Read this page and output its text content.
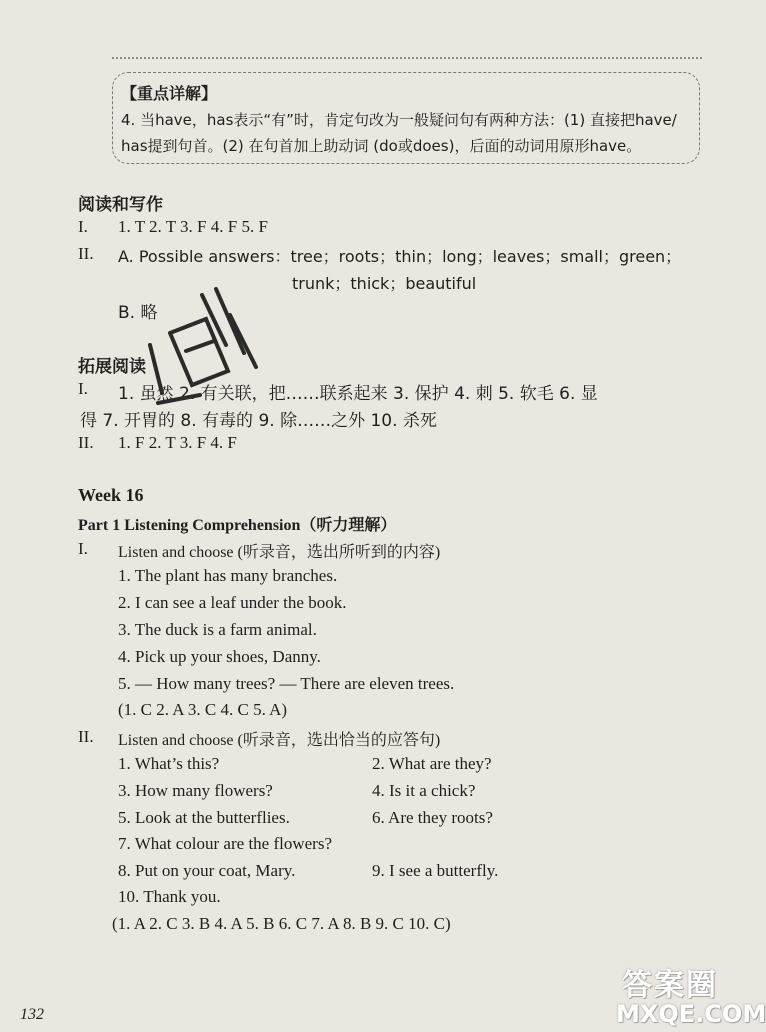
【重点详解】
4. 当have，has表示“有”时，肯定句改为一般疑问句有两种方法：(1) 直接把have/
has提到句首。(2) 在句首加上助动词 (do或does)，后面的动词用原形have。
阅读和写作
I. 1. T 2. T 3. F 4. F 5. F
II. A. Possible answers：tree；roots；thin；long；leaves；small；green；
trunk；thick；beautiful
B. 略
拓展阅读
I. 1. 虽然 2. 有关联，把……联系起来 3. 保护 4. 刺 5. 软毛 6. 显
得 7. 开胃的 8. 有毒的 9. 除……之外 10. 杀死
II. 1. F 2. T 3. F 4. F
Week 16
Part 1 Listening Comprehension（听力理解）
I. Listen and choose (听录音，选出所听到的内容)
1. The plant has many branches.
2. I can see a leaf under the book.
3. The duck is a farm animal.
4. Pick up your shoes, Danny.
5. — How many trees? — There are eleven trees.
(1. C 2. A 3. C 4. C 5. A)
II. Listen and choose (听录音，选出恰当的应答句)
1. What’s this?	2. What are they?
3. How many flowers?	4. Is it a chick?
5. Look at the butterflies.	6. Are they roots?
7. What colour are the flowers?
8. Put on your coat, Mary.	9. I see a butterfly.
10. Thank you.
(1. A 2. C 3. B 4. A 5. B 6. C 7. A 8. B 9. C 10. C)
132
答案圈
MXQE.COM
